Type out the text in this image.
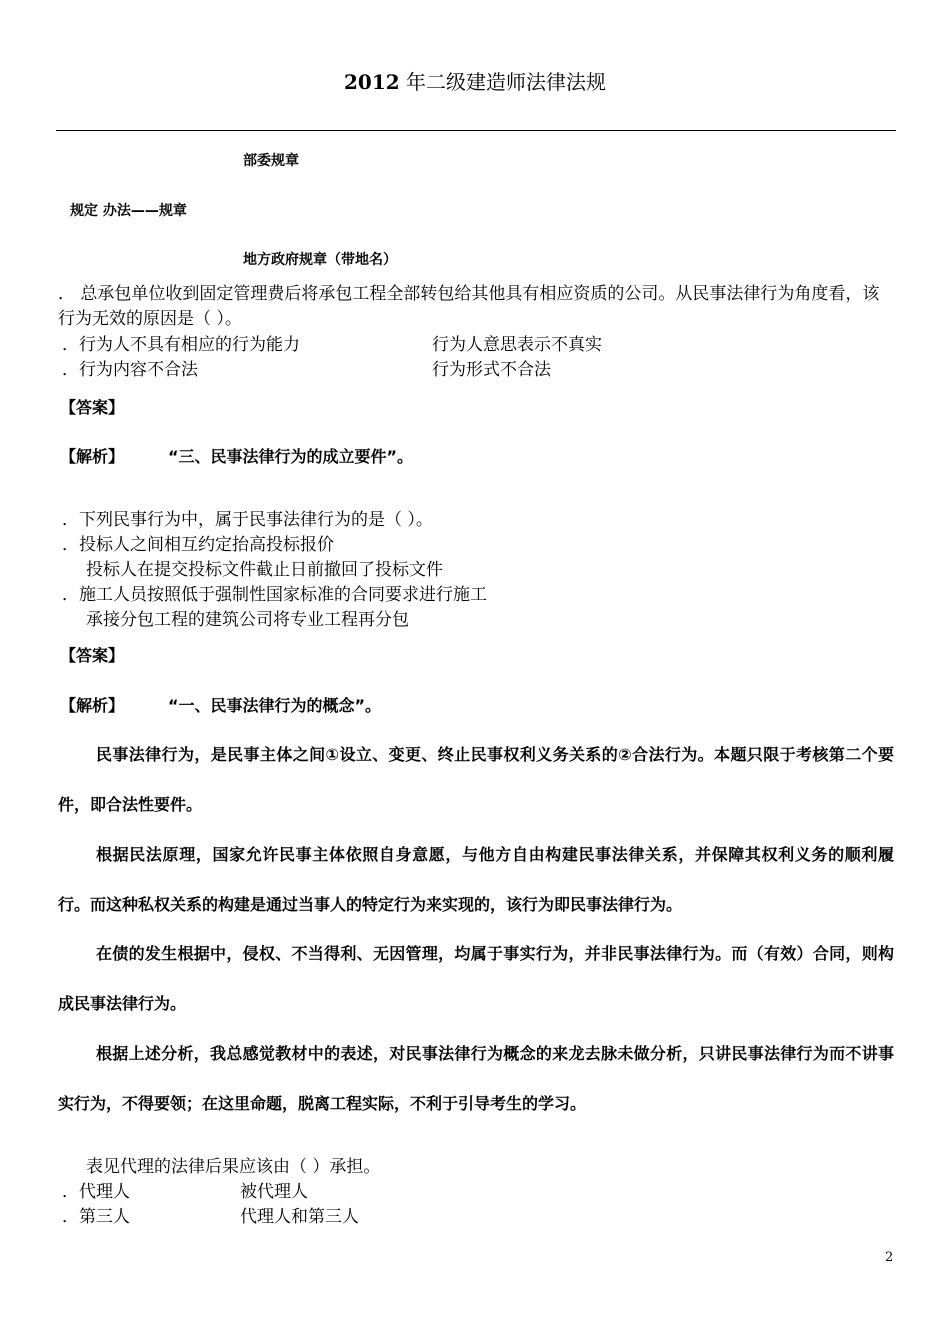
2012 年二级建造师法律法规
部委规章
规定 办法——规章
地方政府规章（带地名）
． 总承包单位收到固定管理费后将承包工程全部转包给其他具有相应资质的公司。从民事法律行为角度看，该行为无效的原因是（ ）。
．行为人不具有相应的行为能力	行为人意思表示不真实
．行为内容不合法	行为形式不合法
【答案】
【解析】	“三、民事法律行为的成立要件”。
．下列民事行为中，属于民事法律行为的是（ ）。
．投标人之间相互约定抬高投标报价
投标人在提交投标文件截止日前撤回了投标文件
．施工人员按照低于强制性国家标准的合同要求进行施工
承接分包工程的建筑公司将专业工程再分包
【答案】
【解析】	“一、民事法律行为的概念”。
民事法律行为，是民事主体之间①设立、变更、终止民事权利义务关系的②合法行为。本题只限于考核第二个要件，即合法性要件。
根据民法原理，国家允许民事主体依照自身意愿，与他方自由构建民事法律关系，并保障其权利义务的顺利履行。而这种私权关系的构建是通过当事人的特定行为来实现的，该行为即民事法律行为。
在债的发生根据中，侵权、不当得利、无因管理，均属于事实行为，并非民事法律行为。而（有效）合同，则构成民事法律行为。
根据上述分析，我总感觉教材中的表述，对民事法律行为概念的来龙去脉未做分析，只讲民事法律行为而不讲事实行为，不得要领；在这里命题，脱离工程实际，不利于引导考生的学习。
表见代理的法律后果应该由（ ）承担。
．代理人	被代理人
．第三人	代理人和第三人
2
